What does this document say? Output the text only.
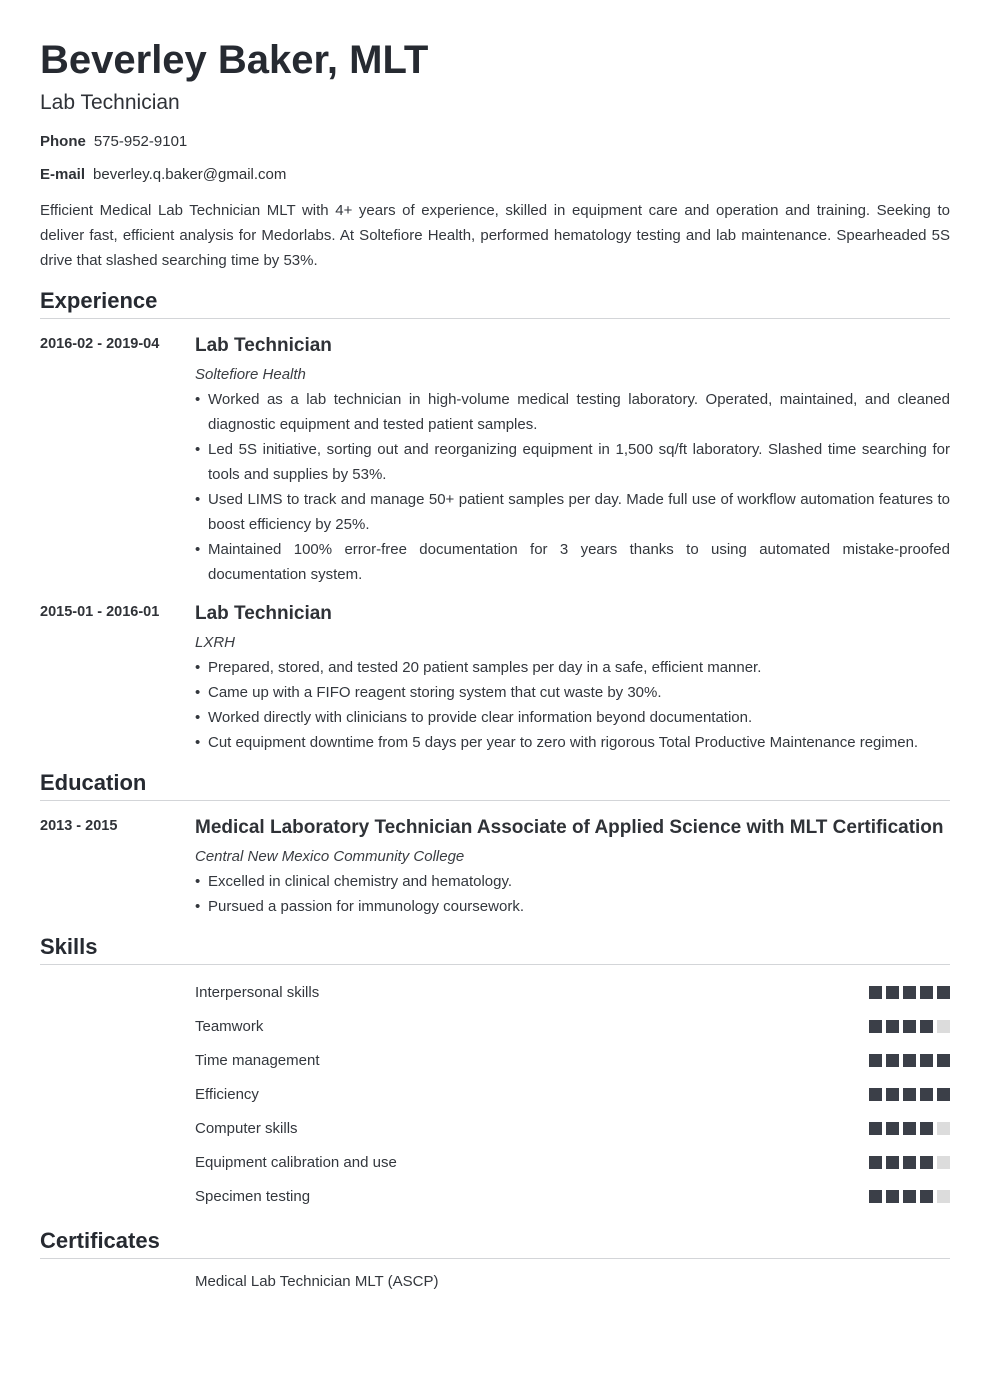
Beverley Baker, MLT
Lab Technician
Phone 575-952-9101
E-mail beverley.q.baker@gmail.com
Efficient Medical Lab Technician MLT with 4+ years of experience, skilled in equipment care and operation and training. Seeking to deliver fast, efficient analysis for Medorlabs. At Soltefiore Health, performed hematology testing and lab maintenance. Spearheaded 5S drive that slashed searching time by 53%.
Experience
2016-02 - 2019-04	Lab Technician
Soltefiore Health
• Worked as a lab technician in high-volume medical testing laboratory. Operated, maintained, and cleaned diagnostic equipment and tested patient samples.
• Led 5S initiative, sorting out and reorganizing equipment in 1,500 sq/ft laboratory. Slashed time searching for tools and supplies by 53%.
• Used LIMS to track and manage 50+ patient samples per day. Made full use of workflow automation features to boost efficiency by 25%.
• Maintained 100% error-free documentation for 3 years thanks to using automated mistake-proofed documentation system.
2015-01 - 2016-01	Lab Technician
LXRH
• Prepared, stored, and tested 20 patient samples per day in a safe, efficient manner.
• Came up with a FIFO reagent storing system that cut waste by 30%.
• Worked directly with clinicians to provide clear information beyond documentation.
• Cut equipment downtime from 5 days per year to zero with rigorous Total Productive Maintenance regimen.
Education
2013 - 2015	Medical Laboratory Technician Associate of Applied Science with MLT Certification
Central New Mexico Community College
• Excelled in clinical chemistry and hematology.
• Pursued a passion for immunology coursework.
Skills
Interpersonal skills
Teamwork
Time management
Efficiency
Computer skills
Equipment calibration and use
Specimen testing
Certificates
Medical Lab Technician MLT (ASCP)
